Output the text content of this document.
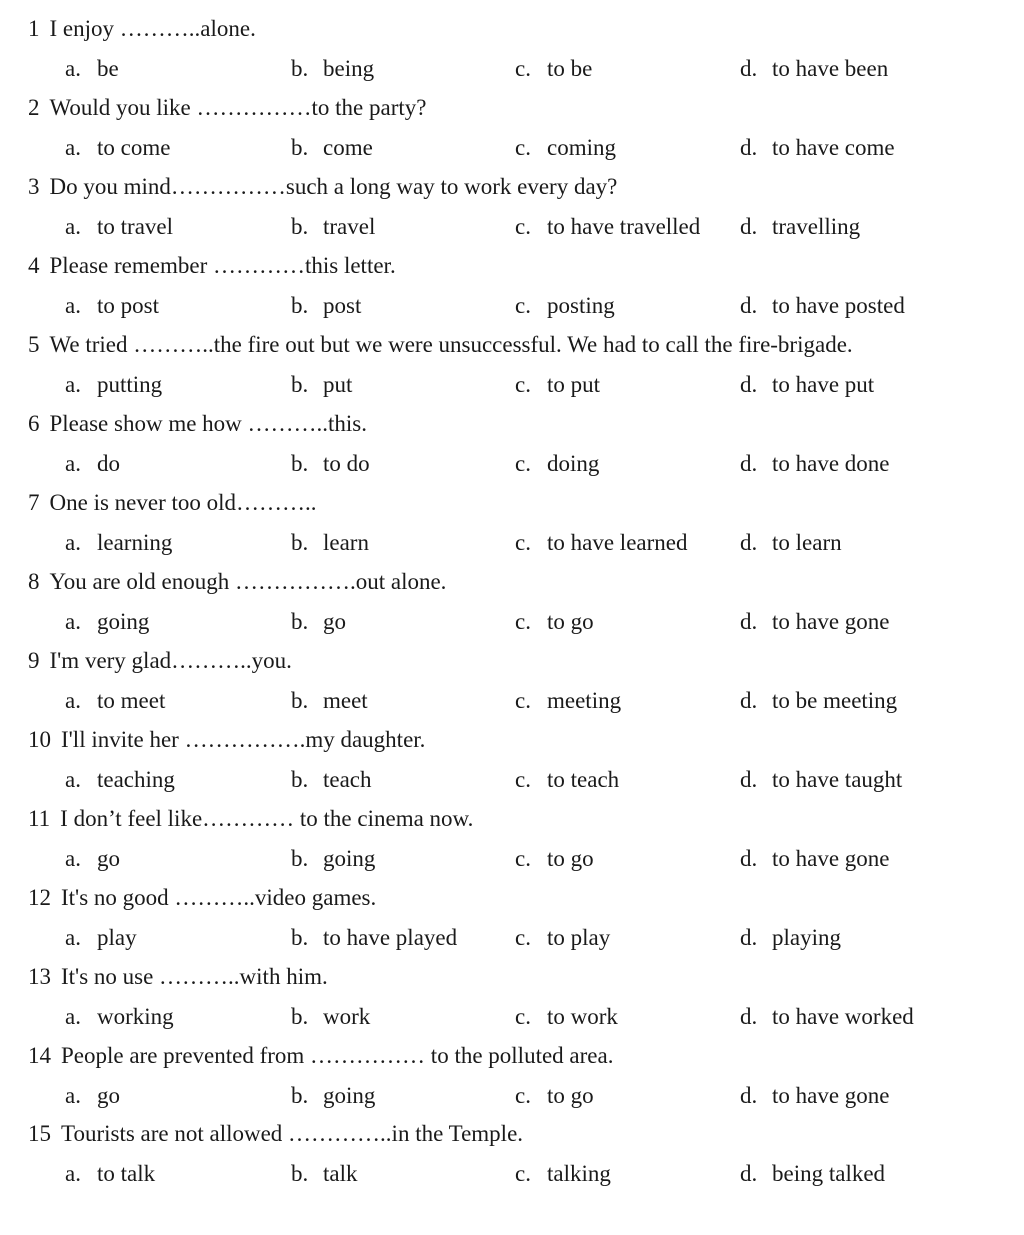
1 I enjoy ………..alone.
a. be	b. being	c. to be	d. to have been
2 Would you like ……………to the party?
a. to come	b. come	c. coming	d. to have come
3 Do you mind……………such a long way to work every day?
a. to travel	b. travel	c. to have travelled d. travelling
4 Please remember …………this letter.
a. to post	b. post	c. posting	d. to have posted
5 We tried ………..the fire out but we were unsuccessful. We had to call the fire-brigade.
a. putting	b. put	c. to put	d. to have put
6 Please show me how ………..this.
a. do	b. to do	c. doing	d. to have done
7 One is never too old………..
a. learning	b. learn	c. to have learned d. to learn
8 You are old enough …………….out alone.
a. going	b. go	c. to go	d. to have gone
9 I'm very glad………..you.
a. to meet	b. meet	c. meeting	d. to be meeting
10 I'll invite her …………….my daughter.
a. teaching	b. teach	c. to teach	d. to have taught
11 I don’t feel like………… to the cinema now.
a. go	b. going	c. to go	d. to have gone
12 It's no good ………..video games.
a. play	b. to have played	c. to play	d. playing
13 It's no use ………..with him.
a. working	b. work	c. to work	d. to have worked
14 People are prevented from …………… to the polluted area.
a. go	b. going	c. to go	d. to have gone
15 Tourists are not allowed …………..in the Temple.
a. to talk	b. talk	c. talking	d. being talked
